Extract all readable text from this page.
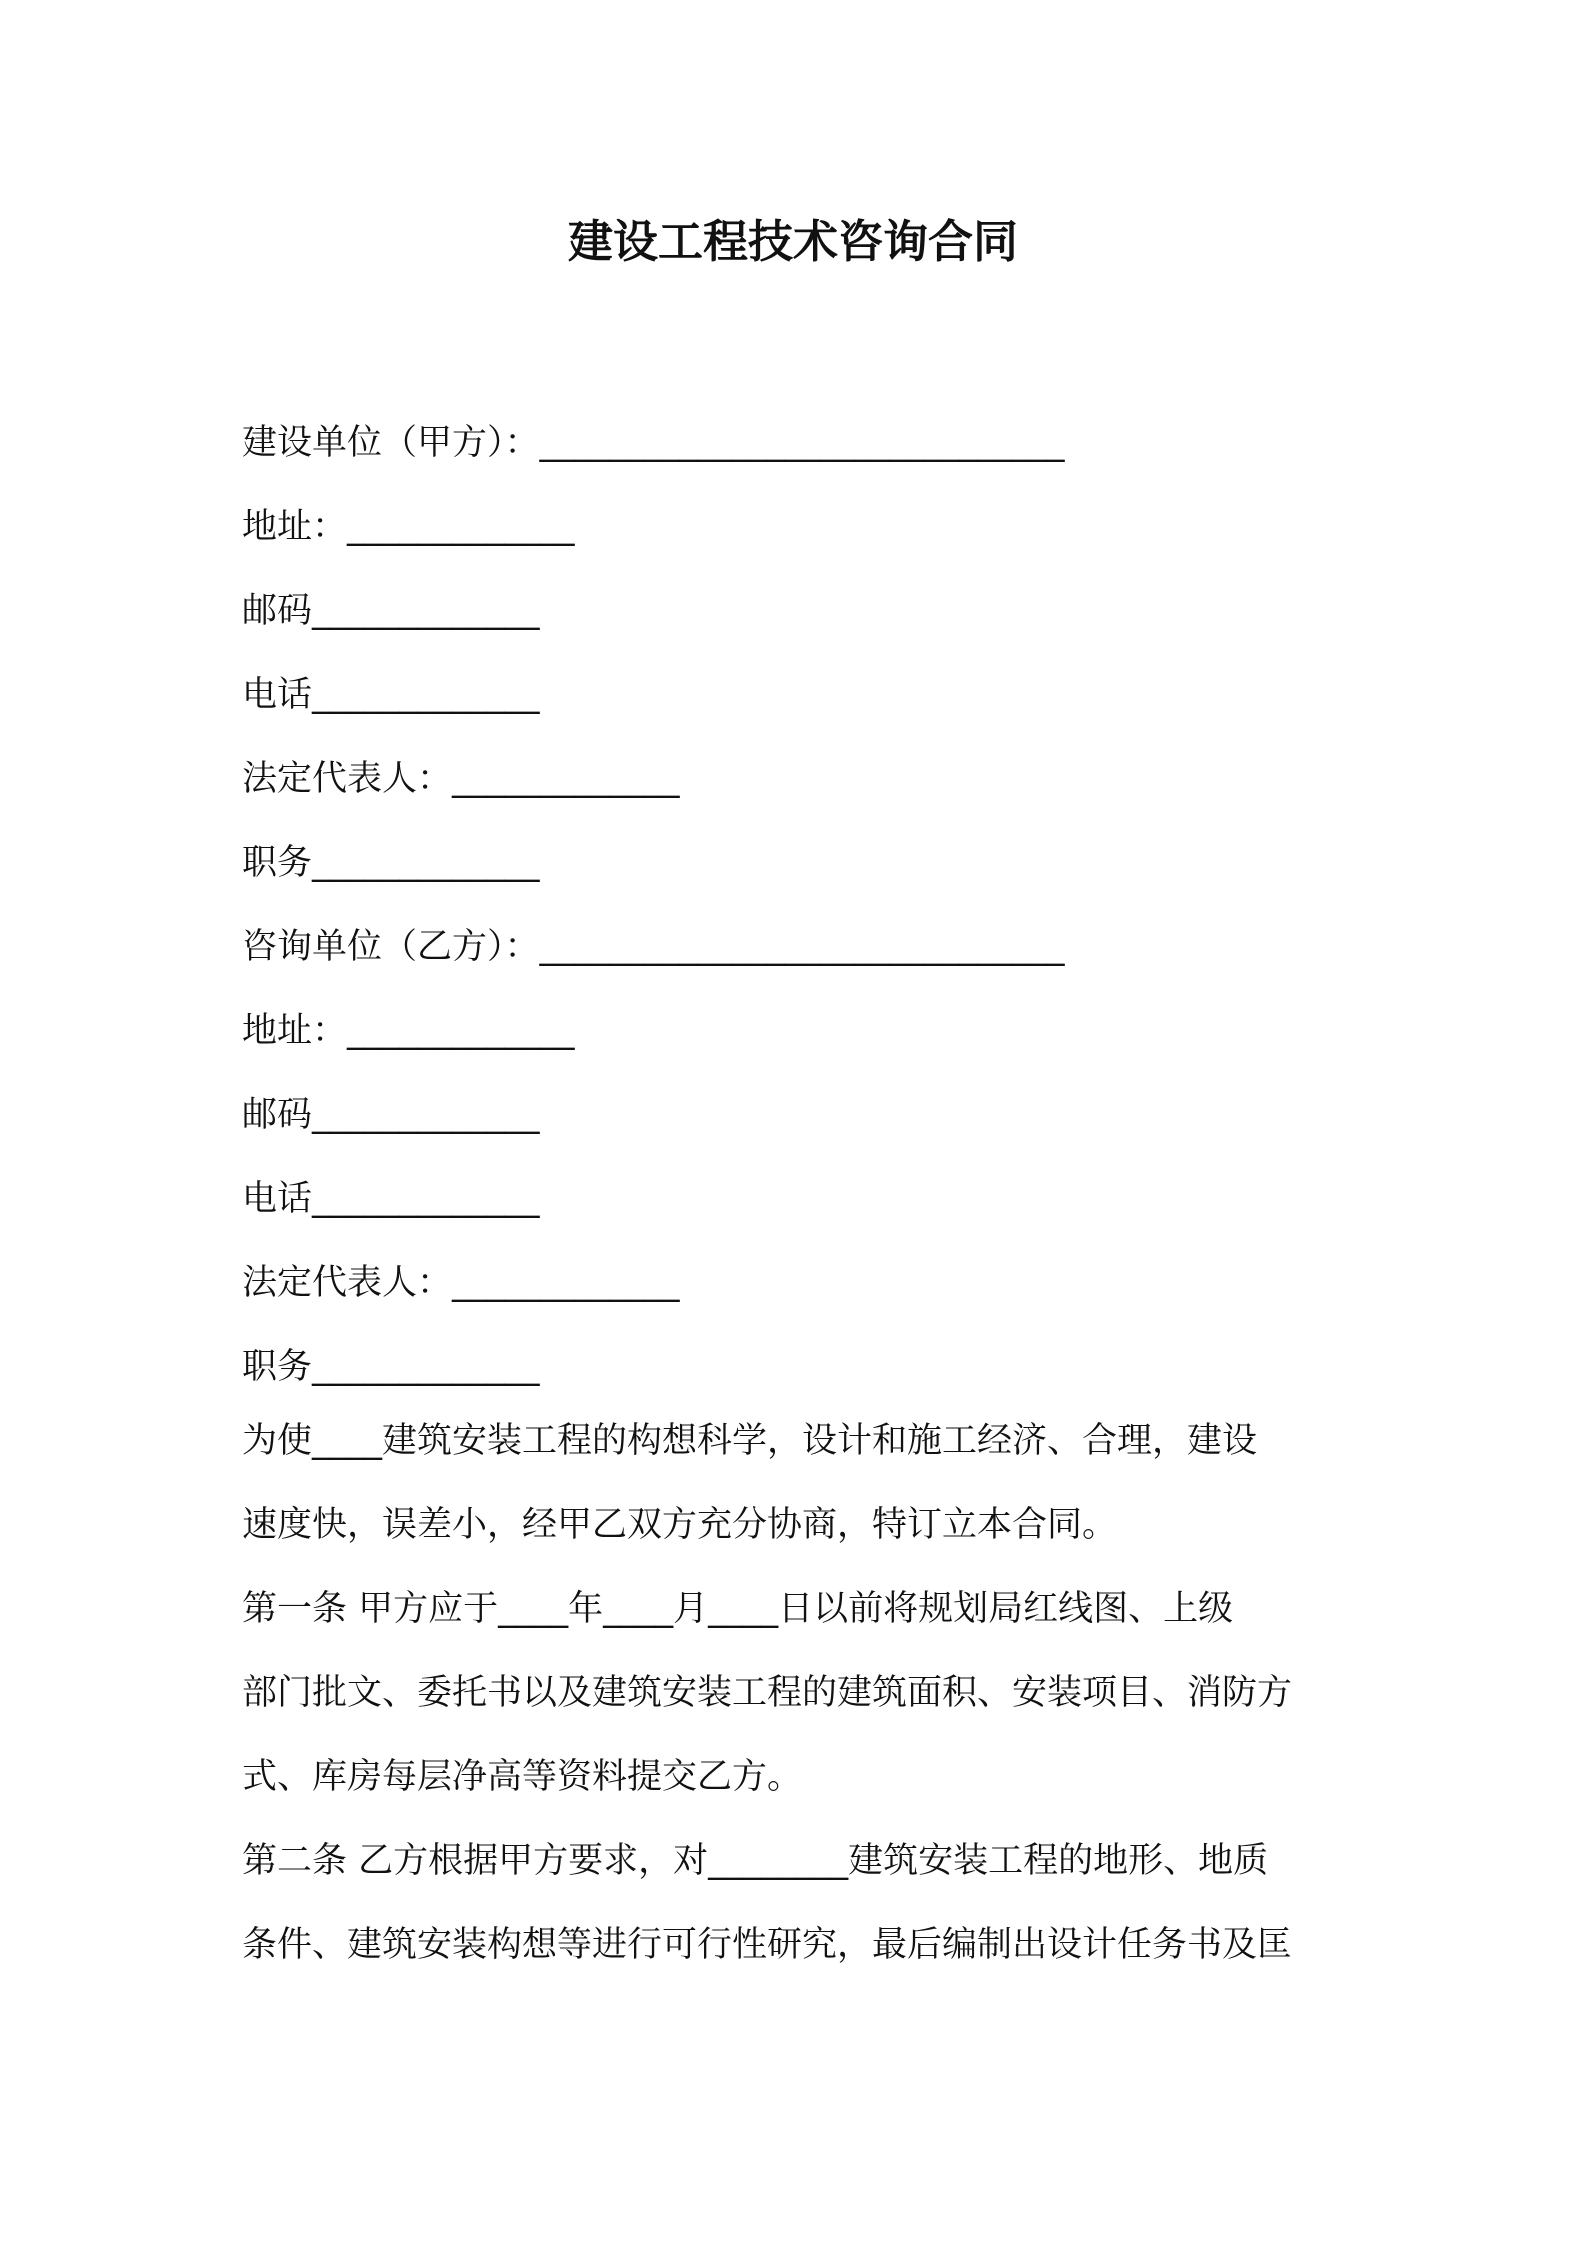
建设工程技术咨询合同
建设单位（甲方）：______________________________
地址：_____________
邮码_____________
电话_____________
法定代表人：_____________
职务_____________
咨询单位（乙方）：______________________________
地址：_____________
邮码_____________
电话_____________
法定代表人：_____________
职务_____________
为使____建筑安装工程的构想科学，设计和施工经济、合理，建设
速度快，误差小，经甲乙双方充分协商，特订立本合同。
第一条 甲方应于____年____月____日以前将规划局红线图、上级
部门批文、委托书以及建筑安装工程的建筑面积、安装项目、消防方
式、库房每层净高等资料提交乙方。
第二条 乙方根据甲方要求，对________建筑安装工程的地形、地质
条件、建筑安装构想等进行可行性研究，最后编制出设计任务书及匡
